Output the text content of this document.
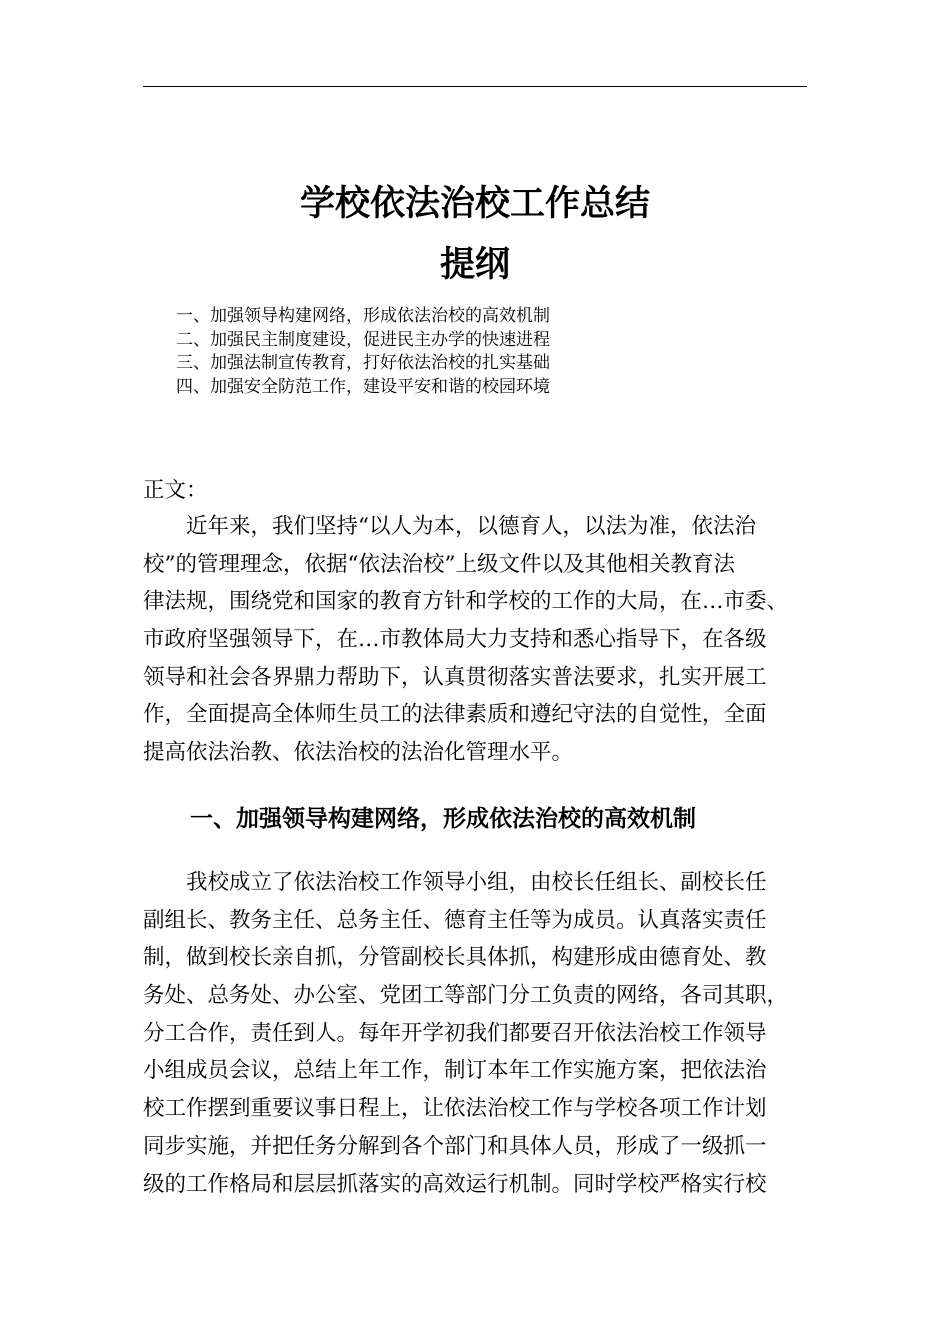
学校依法治校工作总结
提纲
一、加强领导构建网络，形成依法治校的高效机制
二、加强民主制度建设，促进民主办学的快速进程
三、加强法制宣传教育，打好依法治校的扎实基础
四、加强安全防范工作，建设平安和谐的校园环境
正文：
近年来，我们坚持“以人为本，以德育人，以法为准，依法治
校”的管理理念，依据“依法治校”上级文件以及其他相关教育法
律法规，围绕党和国家的教育方针和学校的工作的大局，在…市委、
市政府坚强领导下，在…市教体局大力支持和悉心指导下，在各级
领导和社会各界鼎力帮助下，认真贯彻落实普法要求，扎实开展工
作，全面提高全体师生员工的法律素质和遵纪守法的自觉性，全面
提高依法治教、依法治校的法治化管理水平。
一、加强领导构建网络，形成依法治校的高效机制
我校成立了依法治校工作领导小组，由校长任组长、副校长任
副组长、教务主任、总务主任、德育主任等为成员。认真落实责任
制，做到校长亲自抓，分管副校长具体抓，构建形成由德育处、教
务处、总务处、办公室、党团工等部门分工负责的网络，各司其职，
分工合作，责任到人。每年开学初我们都要召开依法治校工作领导
小组成员会议，总结上年工作，制订本年工作实施方案，把依法治
校工作摆到重要议事日程上，让依法治校工作与学校各项工作计划
同步实施，并把任务分解到各个部门和具体人员，形成了一级抓一
级的工作格局和层层抓落实的高效运行机制。同时学校严格实行校
